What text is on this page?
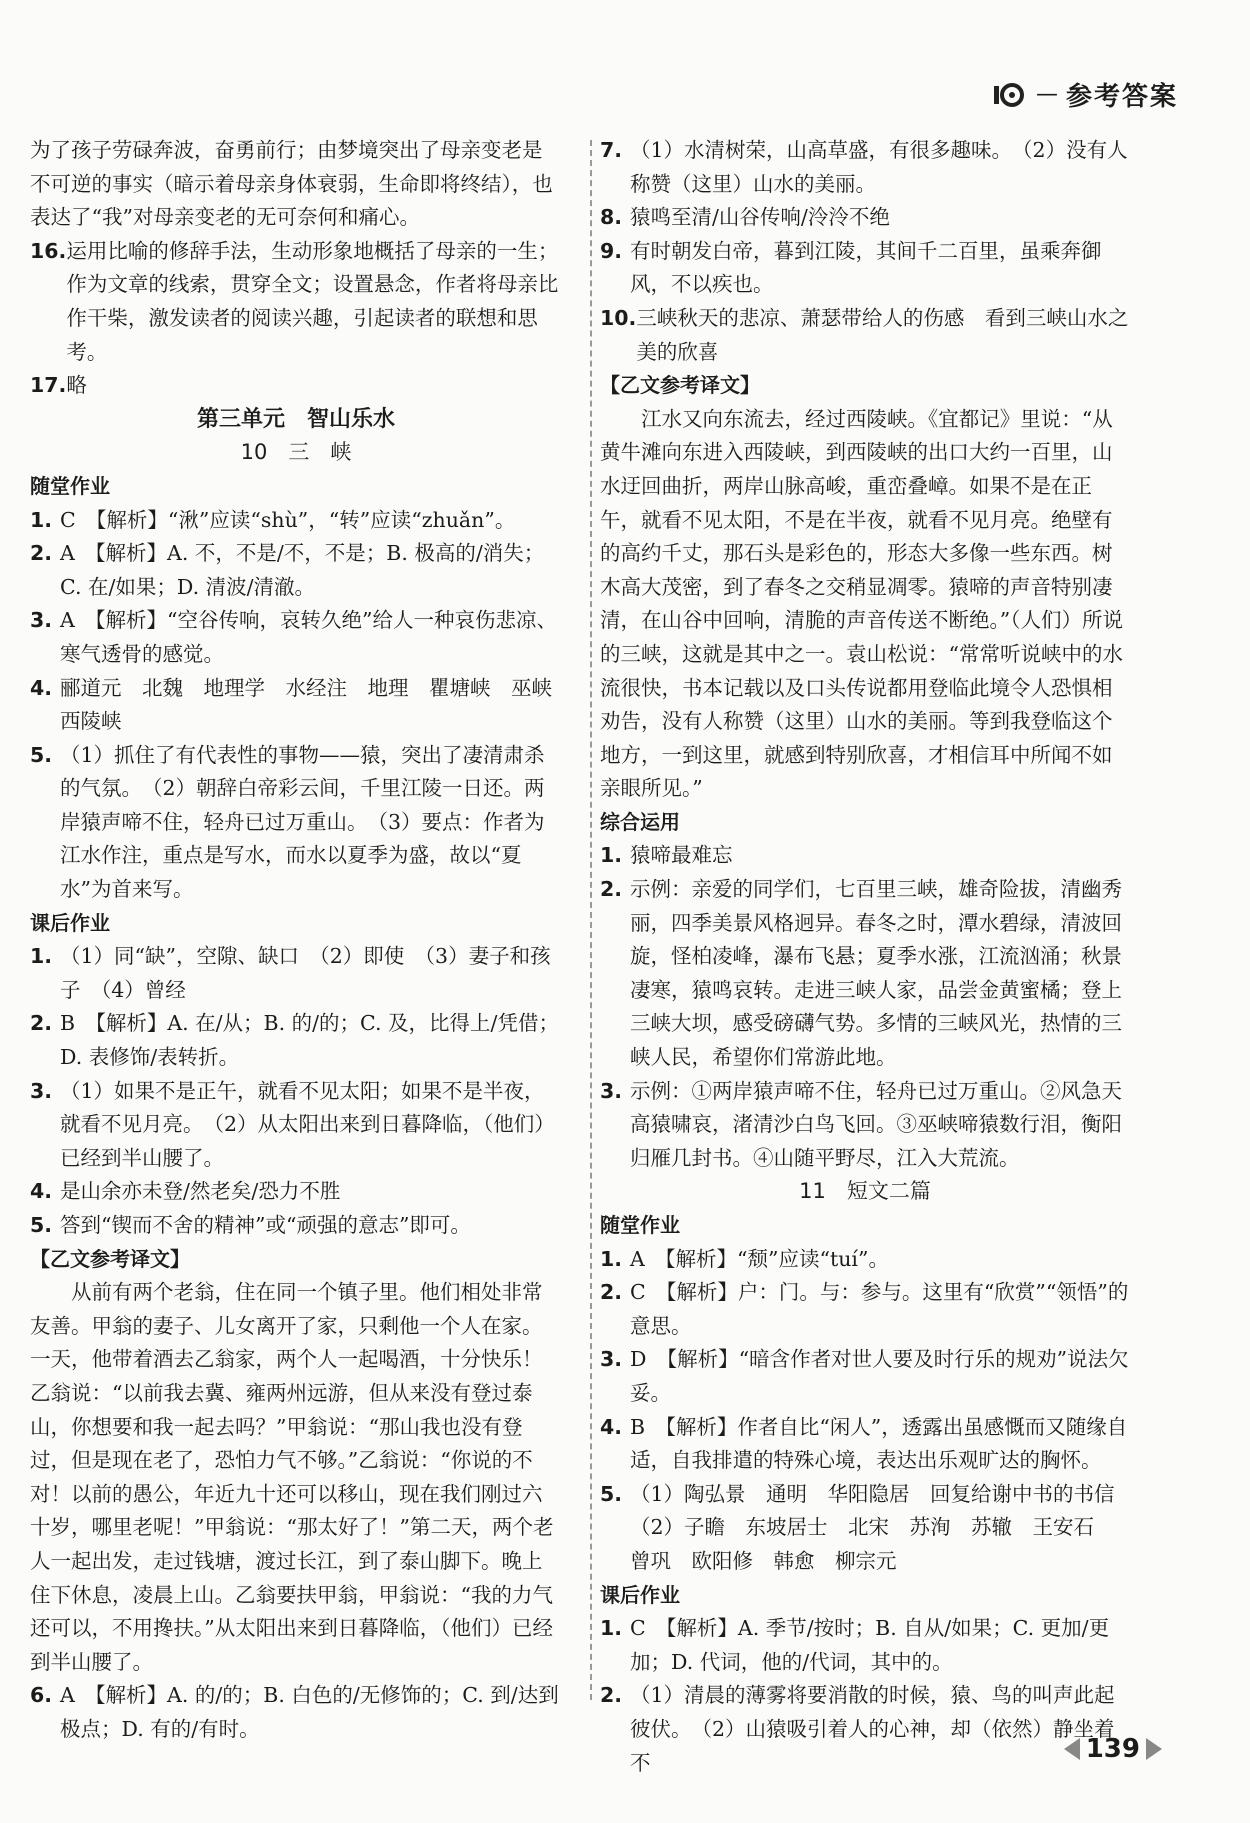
— 参考答案

为了孩子劳碌奔波，奋勇前行；由梦境突出了母亲变老是不可逆的事实（暗示着母亲身体衰弱，生命即将终结），也表达了“我”对母亲变老的无可奈何和痛心。

16. 运用比喻的修辞手法，生动形象地概括了母亲的一生；作为文章的线索，贯穿全文；设置悬念，作者将母亲比作干柴，激发读者的阅读兴趣，引起读者的联想和思考。
17. 略

第三单元　智山乐水

10　三　峡

随堂作业

1. C　【解析】“湫”应读“shù”，“转”应读“zhuǎn”。
2. A　【解析】A. 不，不是/不，不是；B. 极高的/消失；C. 在/如果；D. 清波/清澈。
3. A　【解析】“空谷传响，哀转久绝”给人一种哀伤悲凉、寒气透骨的感觉。
4. 郦道元　北魏　地理学　水经注　地理　瞿塘峡　巫峡　西陵峡
5. （1）抓住了有代表性的事物——猿，突出了凄清肃杀的气氛。　（2）朝辞白帝彩云间，千里江陵一日还。两岸猿声啼不住，轻舟已过万重山。　（3）要点：作者为江水作注，重点是写水，而水以夏季为盛，故以“夏水”为首来写。

课后作业

1. （1）同“缺”，空隙、缺口　（2）即使　（3）妻子和孩子　（4）曾经
2. B　【解析】A. 在/从；B. 的/的；C. 及，比得上/凭借；D. 表修饰/表转折。
3. （1）如果不是正午，就看不见太阳；如果不是半夜，就看不见月亮。　（2）从太阳出来到日暮降临，（他们）已经到半山腰了。
4. 是山余亦未登/然老矣/恐力不胜
5. 答到“锲而不舍的精神”或“顽强的意志”即可。

【乙文参考译文】

从前有两个老翁，住在同一个镇子里。他们相处非常友善。甲翁的妻子、儿女离开了家，只剩他一个人在家。一天，他带着酒去乙翁家，两个人一起喝酒，十分快乐！乙翁说：“以前我去冀、雍两州远游，但从来没有登过泰山，你想要和我一起去吗？”甲翁说：“那山我也没有登过，但是现在老了，恐怕力气不够。”乙翁说：“你说的不对！以前的愚公，年近九十还可以移山，现在我们刚过六十岁，哪里老呢！”甲翁说：“那太好了！”第二天，两个老人一起出发，走过钱塘，渡过长江，到了泰山脚下。晚上住下休息，凌晨上山。乙翁要扶甲翁，甲翁说：“我的力气还可以，不用搀扶。”从太阳出来到日暮降临，（他们）已经到半山腰了。

6. A　【解析】A. 的/的；B. 白色的/无修饰的；C. 到/达到极点；D. 有的/有时。
7. （1）水清树荣，山高草盛，有很多趣味。　（2）没有人称赞（这里）山水的美丽。
8. 猿鸣至清/山谷传响/泠泠不绝
9. 有时朝发白帝，暮到江陵，其间千二百里，虽乘奔御风，不以疾也。
10. 三峡秋天的悲凉、萧瑟带给人的伤感　看到三峡山水之美的欣喜

【乙文参考译文】

江水又向东流去，经过西陵峡。《宜都记》里说：“从黄牛滩向东进入西陵峡，到西陵峡的出口大约一百里，山水迂回曲折，两岸山脉高峻，重峦叠嶂。如果不是在正午，就看不见太阳，不是在半夜，就看不见月亮。绝壁有的高约千丈，那石头是彩色的，形态大多像一些东西。树木高大茂密，到了春冬之交稍显凋零。猿啼的声音特别凄清，在山谷中回响，清脆的声音传送不断绝。”（人们）所说的三峡，这就是其中之一。袁山松说：“常常听说峡中的水流很快，书本记载以及口头传说都用登临此境令人恐惧相劝告，没有人称赞（这里）山水的美丽。等到我登临这个地方，一到这里，就感到特别欣喜，才相信耳中所闻不如亲眼所见。”

综合运用

1. 猿啼最难忘
2. 示例：亲爱的同学们，七百里三峡，雄奇险拔，清幽秀丽，四季美景风格迥异。春冬之时，潭水碧绿，清波回旋，怪柏凌峰，瀑布飞悬；夏季水涨，江流汹涌；秋景凄寒，猿鸣哀转。走进三峡人家，品尝金黄蜜橘；登上三峡大坝，感受磅礴气势。多情的三峡风光，热情的三峡人民，希望你们常游此地。
3. 示例：①两岸猿声啼不住，轻舟已过万重山。②风急天高猿啸哀，渚清沙白鸟飞回。③巫峡啼猿数行泪，衡阳归雁几封书。④山随平野尽，江入大荒流。

11　短文二篇

随堂作业

1. A　【解析】“颓”应读“tuí”。
2. C　【解析】户：门。与：参与。这里有“欣赏”“领悟”的意思。
3. D　【解析】“暗含作者对世人要及时行乐的规劝”说法欠妥。
4. B　【解析】作者自比“闲人”，透露出虽感慨而又随缘自适，自我排遣的特殊心境，表达出乐观旷达的胸怀。
5. （1）陶弘景　通明　华阳隐居　回复给谢中书的书信　（2）子瞻　东坡居士　北宋　苏洵　苏辙　王安石　曾巩　欧阳修　韩愈　柳宗元

课后作业

1. C　【解析】A. 季节/按时；B. 自从/如果；C. 更加/更加；D. 代词，他的/代词，其中的。
2. （1）清晨的薄雾将要消散的时候，猿、鸟的叫声此起彼伏。　（2）山猿吸引着人的心神，却（依然）静坐着不	139
